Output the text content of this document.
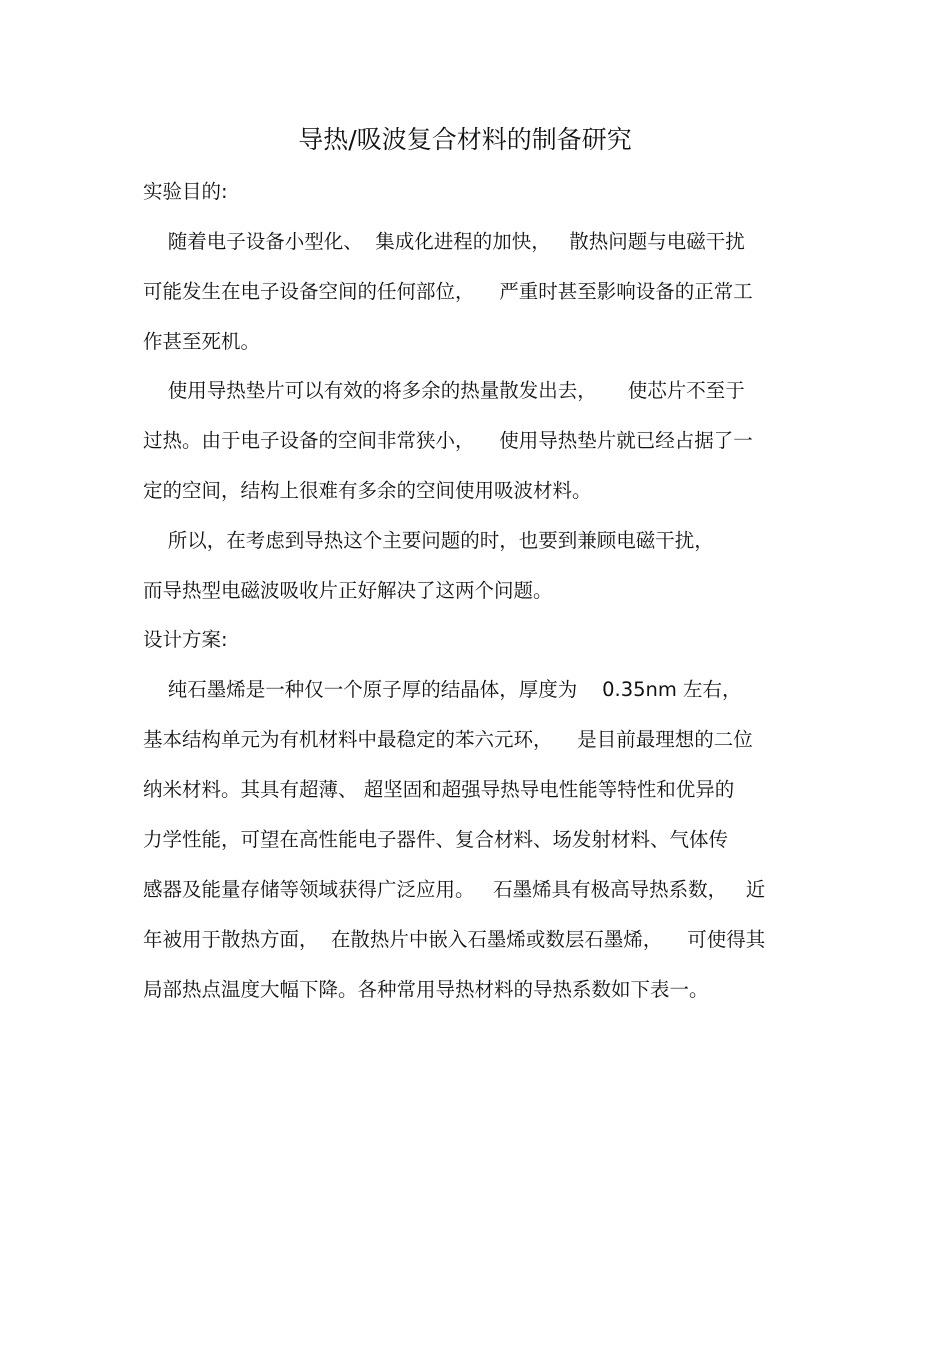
导热/吸波复合材料的制备研究
实验目的:
随着电子设备小型化、  集成化进程的加快，   散热问题与电磁干扰
可能发生在电子设备空间的任何部位，    严重时甚至影响设备的正常工
作甚至死机。
使用导热垫片可以有效的将多余的热量散发出去，     使芯片不至于
过热。由于电子设备的空间非常狭小，    使用导热垫片就已经占据了一
定的空间，结构上很难有多余的空间使用吸波材料。
所以，在考虑到导热这个主要问题的时，也要到兼顾电磁干扰，
而导热型电磁波吸收片正好解决了这两个问题。
设计方案:
纯石墨烯是一种仅一个原子厚的结晶体，厚度为    0.35nm 左右，
基本结构单元为有机材料中最稳定的苯六元环，    是目前最理想的二位
纳米材料。其具有超薄、 超坚固和超强导热导电性能等特性和优异的
力学性能，可望在高性能电子器件、复合材料、场发射材料、气体传
感器及能量存储等领域获得广泛应用。   石墨烯具有极高导热系数，   近
年被用于散热方面，  在散热片中嵌入石墨烯或数层石墨烯，    可使得其
局部热点温度大幅下降。各种常用导热材料的导热系数如下表一。
